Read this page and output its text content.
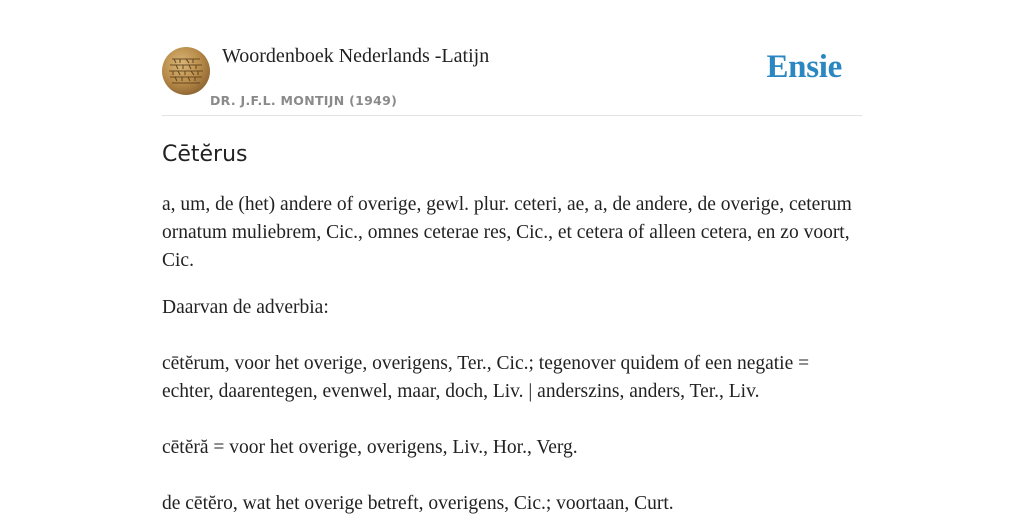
Woordenboek Nederlands -Latijn
DR. J.F.L. MONTIJN (1949)
Ensie
Cētĕrus
a, um, de (het) andere of overige, gewl. plur. ceteri, ae, a, de andere, de overige, ceterum ornatum muliebrem, Cic., omnes ceterae res, Cic., et cetera of alleen cetera, en zo voort, Cic.
Daarvan de adverbia:
cētĕrum, voor het overige, overigens, Ter., Cic.; tegenover quidem of een negatie = echter, daarentegen, evenwel, maar, doch, Liv. | anderszins, anders, Ter., Liv.
cētĕră = voor het overige, overigens, Liv., Hor., Verg.
de cētĕro, wat het overige betreft, overigens, Cic.; voortaan, Curt.
